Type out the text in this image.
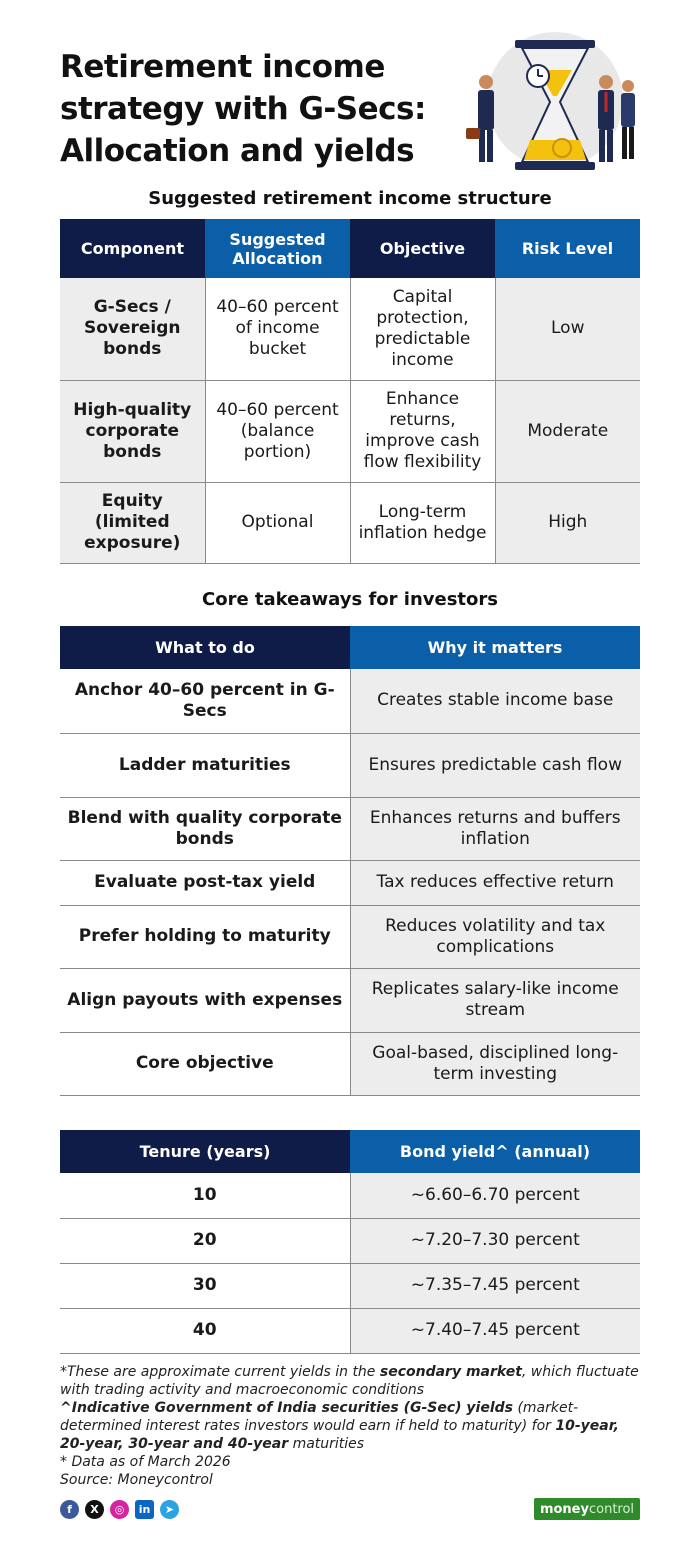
Retirement income strategy with G-Secs: Allocation and yields
Suggested retirement income structure
Component	Suggested Allocation	Objective	Risk Level
G-Secs / Sovereign bonds	40–60 percent of income bucket	Capital protection, predictable income	Low
High-quality corporate bonds	40–60 percent (balance portion)	Enhance returns, improve cash flow flexibility	Moderate
Equity (limited exposure)	Optional	Long-term inflation hedge	High
Core takeaways for investors
What to do	Why it matters
Anchor 40–60 percent in G-Secs	Creates stable income base
Ladder maturities	Ensures predictable cash flow
Blend with quality corporate bonds	Enhances returns and buffers inflation
Evaluate post-tax yield	Tax reduces effective return
Prefer holding to maturity	Reduces volatility and tax complications
Align payouts with expenses	Replicates salary-like income stream
Core objective	Goal-based, disciplined long-term investing
Tenure (years)	Bond yield^ (annual)
10	~6.60–6.70 percent
20	~7.20–7.30 percent
30	~7.35–7.45 percent
40	~7.40–7.45 percent
*These are approximate current yields in the secondary market, which fluctuate with trading activity and macroeconomic conditions
^Indicative Government of India securities (G-Sec) yields (market-determined interest rates investors would earn if held to maturity) for 10-year, 20-year, 30-year and 40-year maturities
* Data as of March 2026
Source: Moneycontrol
f	X	◎	in	➤	money control
